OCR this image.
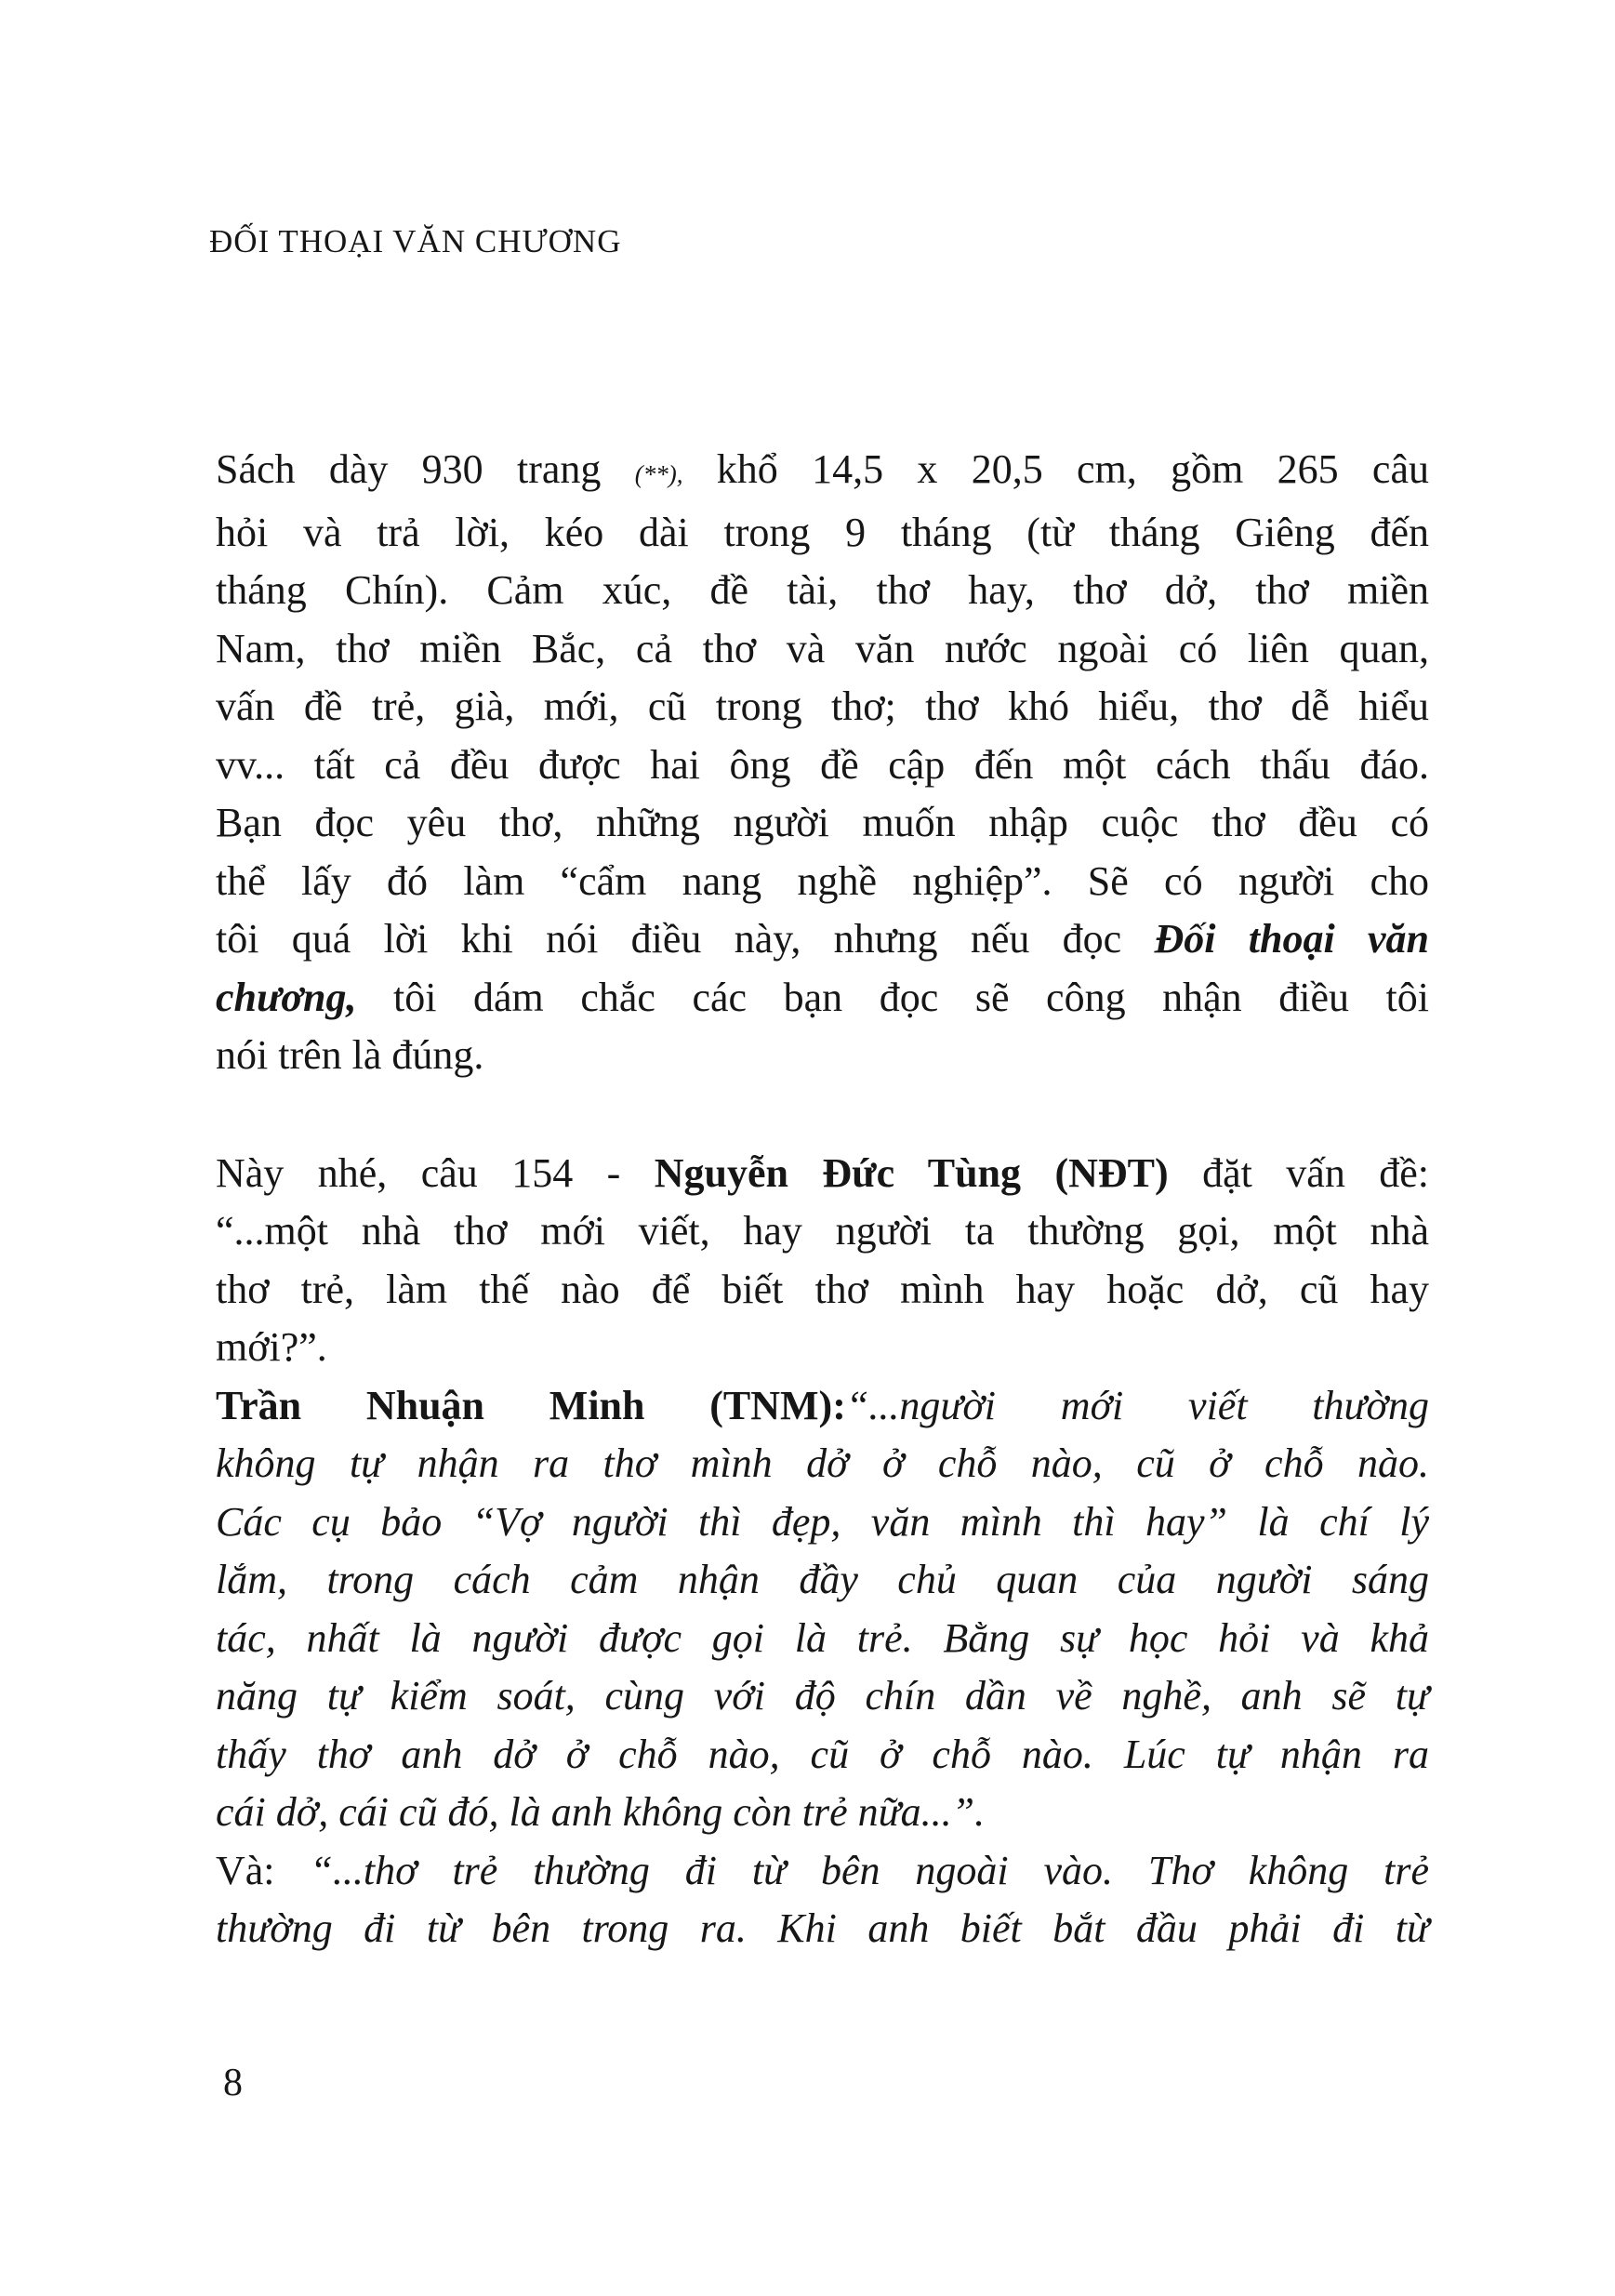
ĐỐI THOẠI VĂN CHƯƠNG

Sách dày 930 trang (**), khổ 14,5 x 20,5 cm, gồm 265 câu
hỏi và trả lời, kéo dài trong 9 tháng (từ tháng Giêng đến
tháng Chín). Cảm xúc, đề tài, thơ hay, thơ dở, thơ miền
Nam, thơ miền Bắc, cả thơ và văn nước ngoài có liên quan,
vấn đề trẻ, già, mới, cũ trong thơ; thơ khó hiểu, thơ dễ hiểu
vv... tất cả đều được hai ông đề cập đến một cách thấu đáo.
Bạn đọc yêu thơ, những người muốn nhập cuộc thơ đều có
thể lấy đó làm “cẩm nang nghề nghiệp”. Sẽ có người cho
tôi quá lời khi nói điều này, nhưng nếu đọc Đối thoại văn
chương, tôi dám chắc các bạn đọc sẽ công nhận điều tôi
nói trên là đúng.

Này nhé, câu 154 - Nguyễn Đức Tùng (NĐT) đặt vấn đề:
“...một nhà thơ mới viết, hay người ta thường gọi, một nhà
thơ trẻ, làm thế nào để biết thơ mình hay hoặc dở, cũ hay
mới?”.

Trần Nhuận Minh (TNM):“...người mới viết thường
không tự nhận ra thơ mình dở ở chỗ nào, cũ ở chỗ nào.
Các cụ bảo “Vợ người thì đẹp, văn mình thì hay” là chí lý
lắm, trong cách cảm nhận đầy chủ quan của người sáng
tác, nhất là người được gọi là trẻ. Bằng sự học hỏi và khả
năng tự kiểm soát, cùng với độ chín dần về nghề, anh sẽ tự
thấy thơ anh dở ở chỗ nào, cũ ở chỗ nào. Lúc tự nhận ra
cái dở, cái cũ đó, là anh không còn trẻ nữa...”.

Và: “...thơ trẻ thường đi từ bên ngoài vào. Thơ không trẻ
thường đi từ bên trong ra. Khi anh biết bắt đầu phải đi từ

8
